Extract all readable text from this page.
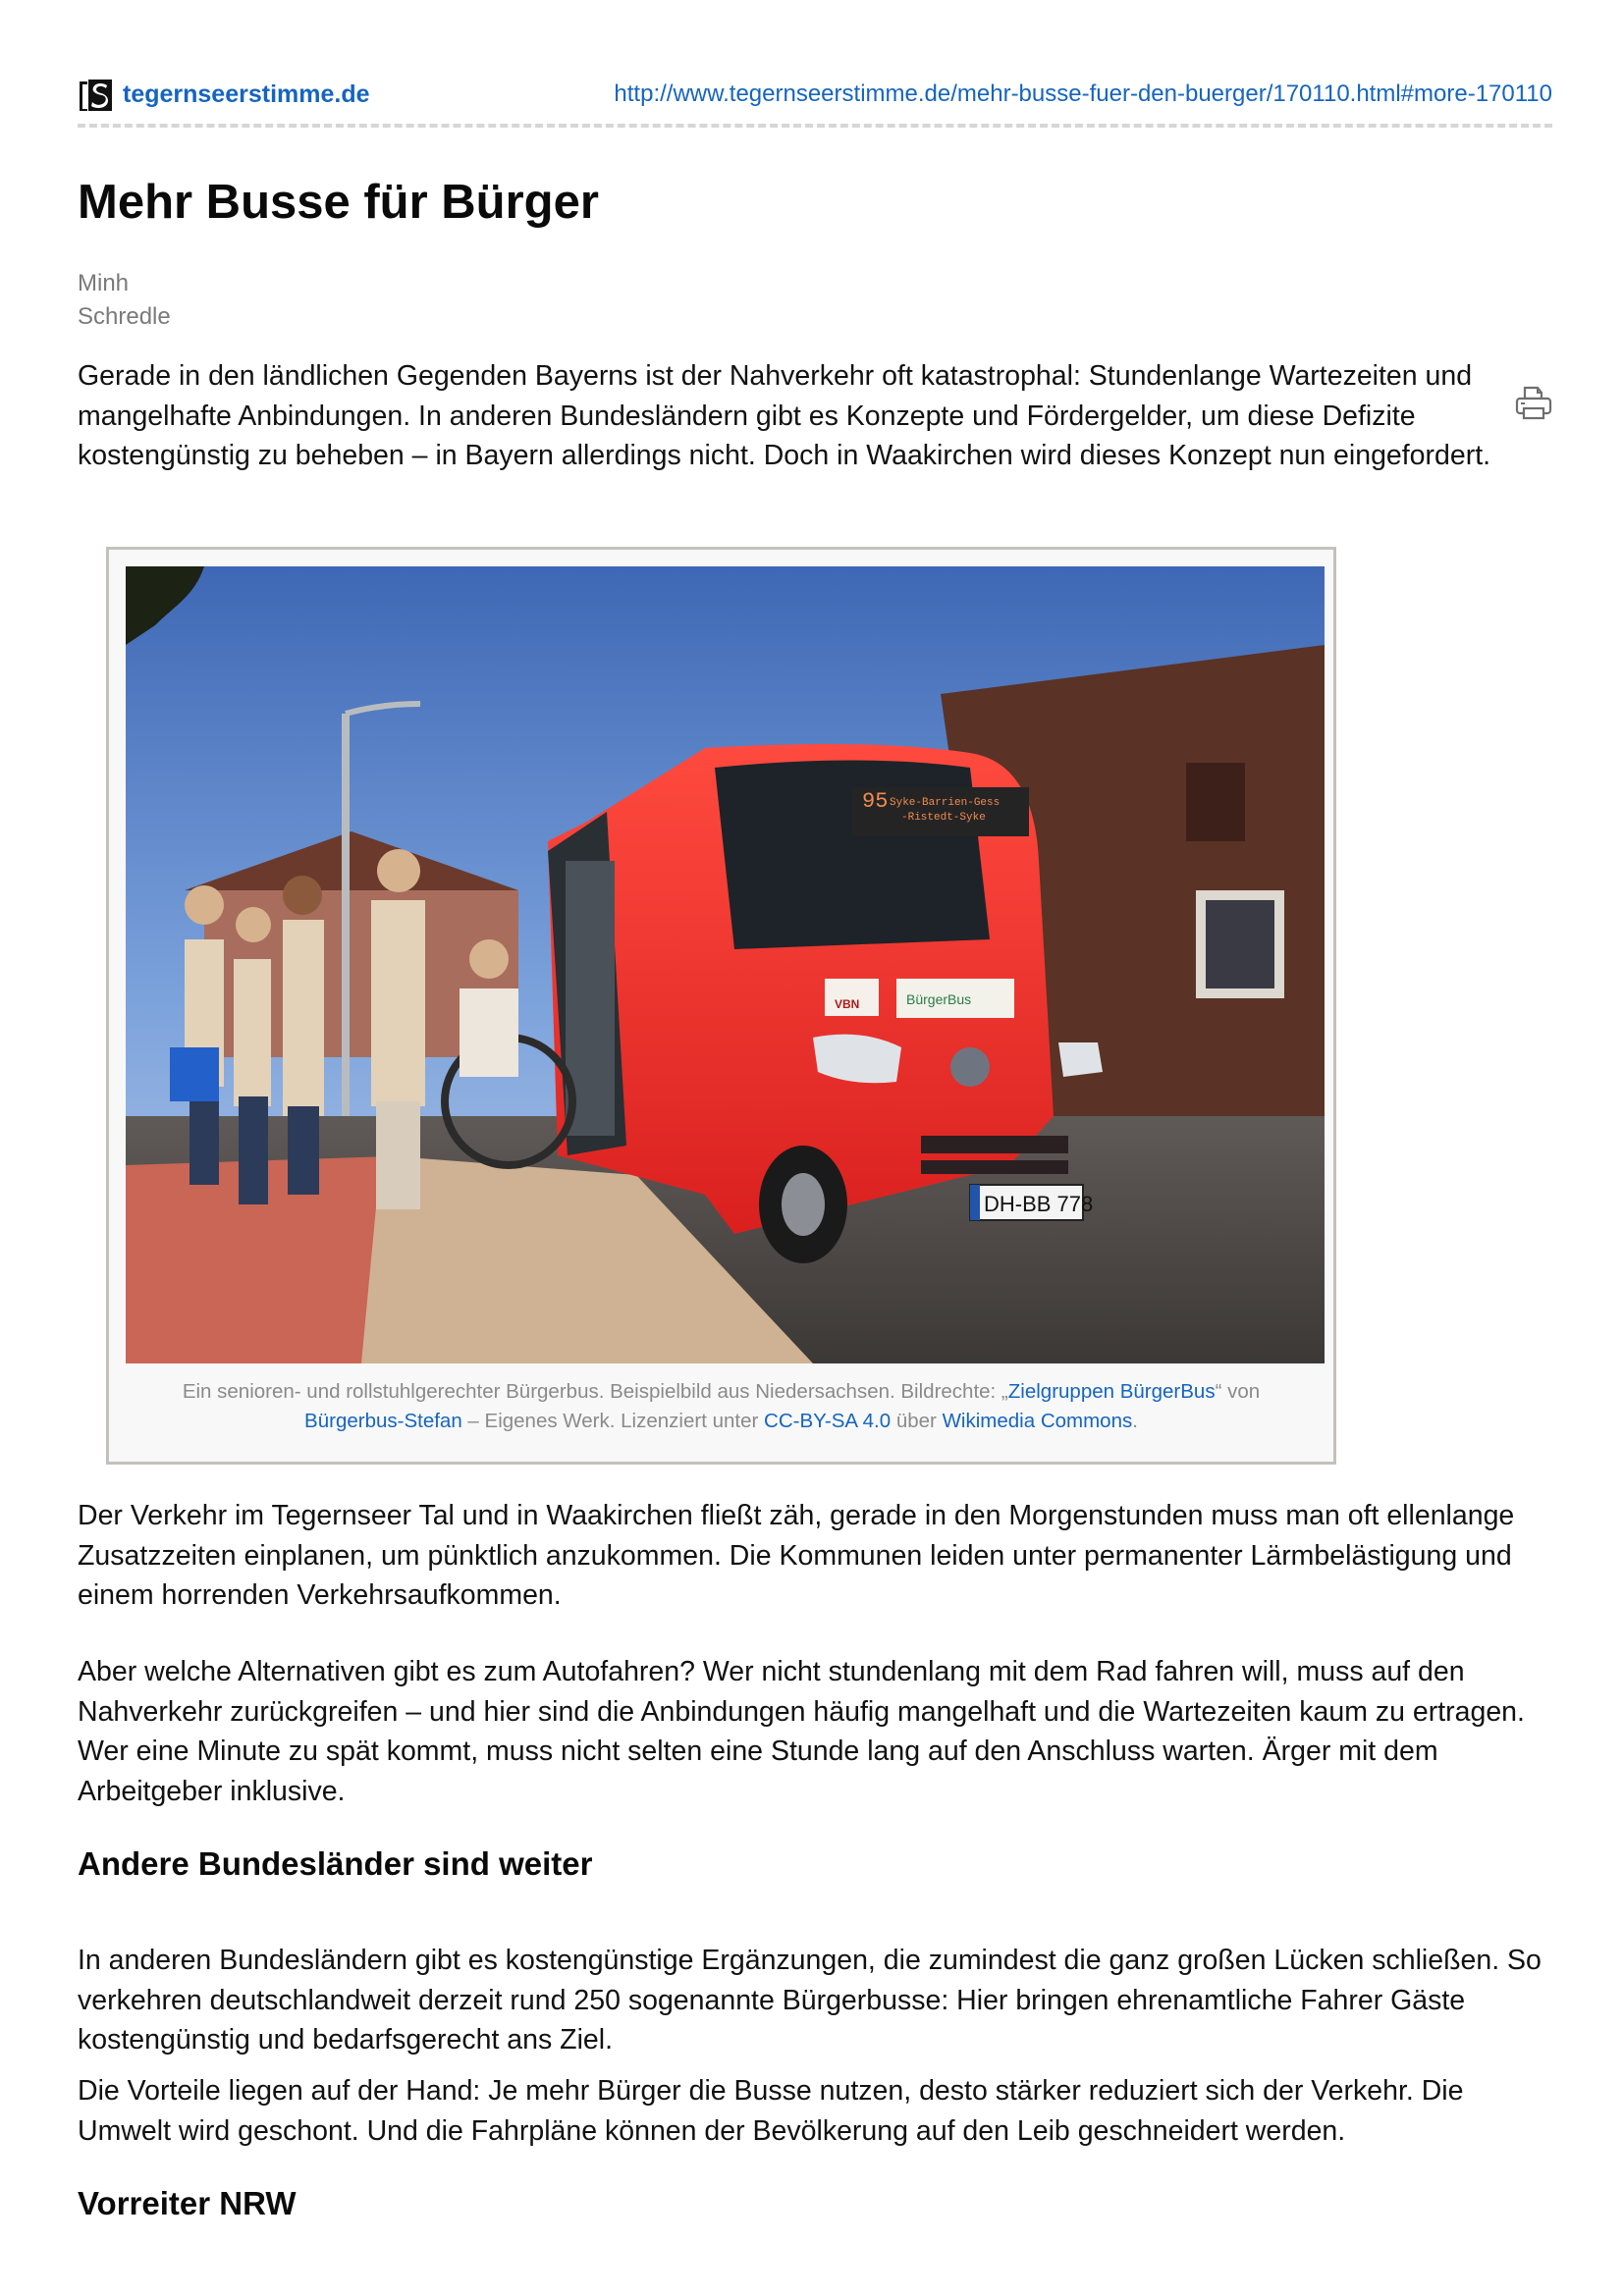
tegernseerstimme.de	http://www.tegernseerstimme.de/mehr-busse-fuer-den-buerger/170110.html#more-170110
Mehr Busse für Bürger
Minh
Schredle

Gerade in den ländlichen Gegenden Bayerns ist der Nahverkehr oft katastrophal: Stundenlange Wartezeiten und mangelhafte Anbindungen. In anderen Bundesländern gibt es Konzepte und Fördergelder, um diese Defizite kostengünstig zu beheben – in Bayern allerdings nicht. Doch in Waakirchen wird dieses Konzept nun eingefordert.

95 Syke-Barrien-Gess
-Ristedt-Syke
BürgerBus
VBN
DH-BB 778
Ein senioren- und rollstuhlgerechter Bürgerbus. Beispielbild aus Niedersachsen. Bildrechte: „Zielgruppen BürgerBus“ von
Bürgerbus-Stefan – Eigenes Werk. Lizenziert unter CC-BY-SA 4.0 über Wikimedia Commons.

Der Verkehr im Tegernseer Tal und in Waakirchen fließt zäh, gerade in den Morgenstunden muss man oft ellenlange Zusatzzeiten einplanen, um pünktlich anzukommen. Die Kommunen leiden unter permanenter Lärmbelästigung und einem horrenden Verkehrsaufkommen.

Aber welche Alternativen gibt es zum Autofahren? Wer nicht stundenlang mit dem Rad fahren will, muss auf den Nahverkehr zurückgreifen – und hier sind die Anbindungen häufig mangelhaft und die Wartezeiten kaum zu ertragen. Wer eine Minute zu spät kommt, muss nicht selten eine Stunde lang auf den Anschluss warten. Ärger mit dem Arbeitgeber inklusive.

Andere Bundesländer sind weiter

In anderen Bundesländern gibt es kostengünstige Ergänzungen, die zumindest die ganz großen Lücken schließen. So verkehren deutschlandweit derzeit rund 250 sogenannte Bürgerbusse: Hier bringen ehrenamtliche Fahrer Gäste kostengünstig und bedarfsgerecht ans Ziel.

Die Vorteile liegen auf der Hand: Je mehr Bürger die Busse nutzen, desto stärker reduziert sich der Verkehr. Die Umwelt wird geschont. Und die Fahrpläne können der Bevölkerung auf den Leib geschneidert werden.

Vorreiter NRW
